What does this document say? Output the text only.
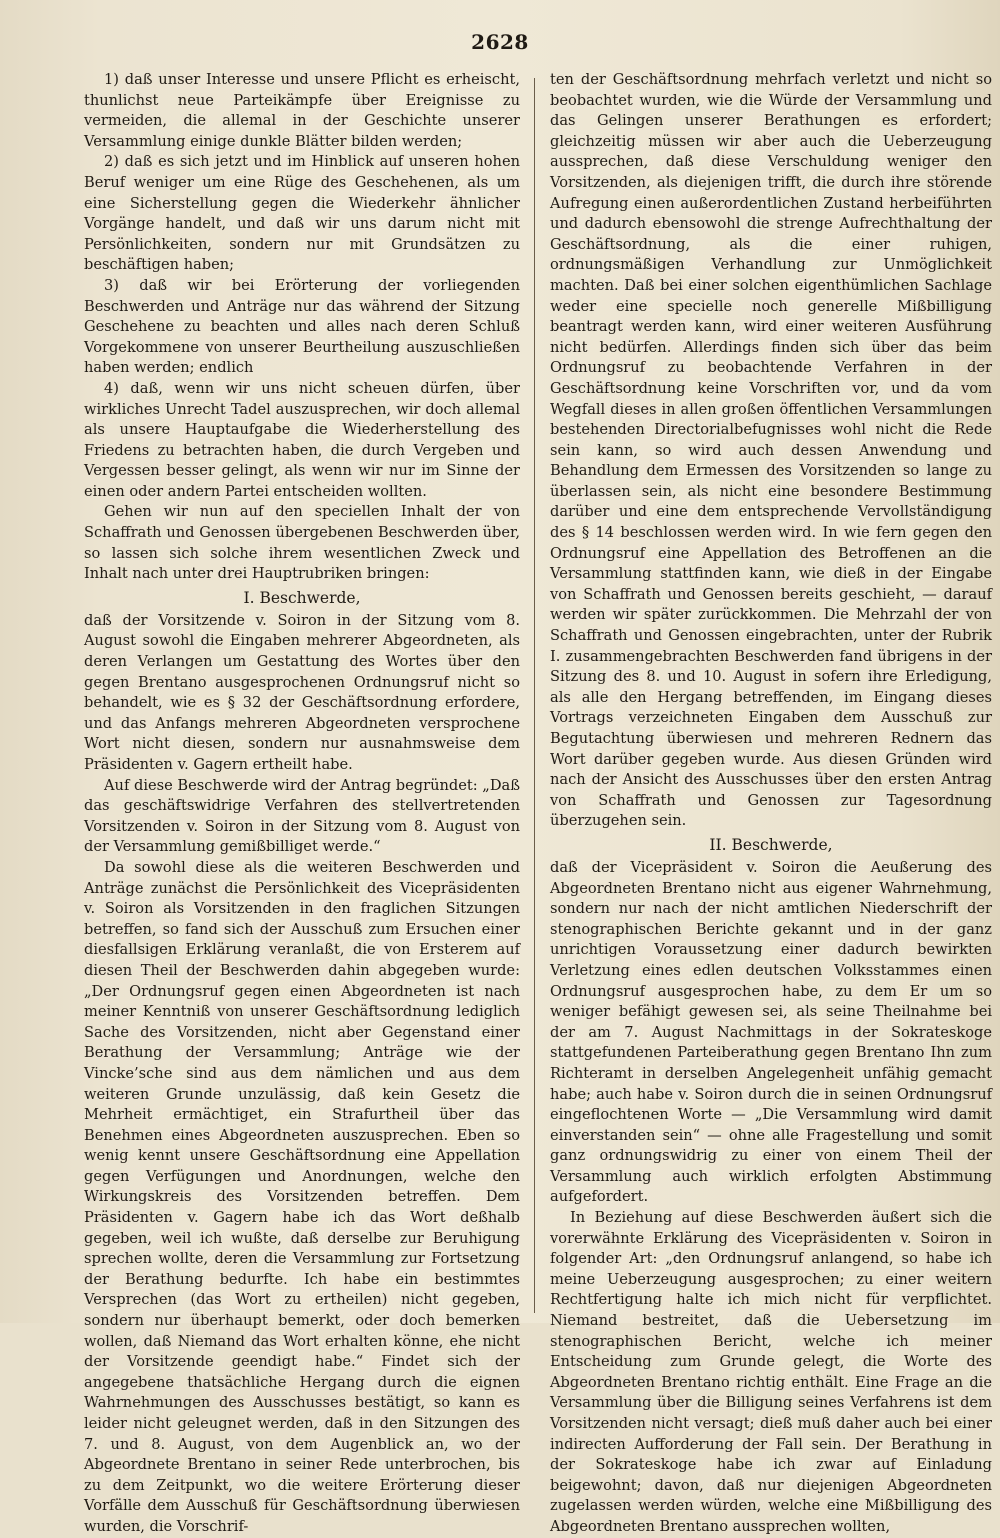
2628

1) daß unser Interesse und unsere Pflicht es erheischt, thunlichst neue Parteikämpfe über Ereignisse zu vermeiden, die allemal in der Geschichte unserer Versammlung einige dunkle Blätter bilden werden;

2) daß es sich jetzt und im Hinblick auf unseren hohen Beruf weniger um eine Rüge des Geschehenen, als um eine Sicherstellung gegen die Wiederkehr ähnlicher Vorgänge handelt, und daß wir uns darum nicht mit Persönlichkeiten, sondern nur mit Grundsätzen zu beschäftigen haben;

3) daß wir bei Erörterung der vorliegenden Beschwerden und Anträge nur das während der Sitzung Geschehene zu beachten und alles nach deren Schluß Vorgekommene von unserer Beurtheilung auszuschließen haben werden; endlich

4) daß, wenn wir uns nicht scheuen dürfen, über wirkliches Unrecht Tadel auszusprechen, wir doch allemal als unsere Hauptaufgabe die Wiederherstellung des Friedens zu betrachten haben, die durch Vergeben und Vergessen besser gelingt, als wenn wir nur im Sinne der einen oder andern Partei entscheiden wollten.

Gehen wir nun auf den speciellen Inhalt der von Schaffrath und Genossen übergebenen Beschwerden über, so lassen sich solche ihrem wesentlichen Zweck und Inhalt nach unter drei Hauptrubriken bringen:

I. Beschwerde,

daß der Vorsitzende v. Soiron in der Sitzung vom 8. August sowohl die Eingaben mehrerer Abgeordneten, als deren Verlangen um Gestattung des Wortes über den gegen Brentano ausgesprochenen Ordnungsruf nicht so behandelt, wie es § 32 der Geschäftsordnung erfordere, und das Anfangs mehreren Abgeordneten versprochene Wort nicht diesen, sondern nur ausnahmsweise dem Präsidenten v. Gagern ertheilt habe.

Auf diese Beschwerde wird der Antrag begründet: „Daß das geschäftswidrige Verfahren des stellvertretenden Vorsitzenden v. Soiron in der Sitzung vom 8. August von der Versammlung gemißbilliget werde.“

Da sowohl diese als die weiteren Beschwerden und Anträge zunächst die Persönlichkeit des Vicepräsidenten v. Soiron als Vorsitzenden in den fraglichen Sitzungen betreffen, so fand sich der Ausschuß zum Ersuchen einer diesfallsigen Erklärung veranlaßt, die von Ersterem auf diesen Theil der Beschwerden dahin abgegeben wurde: „Der Ordnungsruf gegen einen Abgeordneten ist nach meiner Kenntniß von unserer Geschäftsordnung lediglich Sache des Vorsitzenden, nicht aber Gegenstand einer Berathung der Versammlung; Anträge wie der Vincke’sche sind aus dem nämlichen und aus dem weiteren Grunde unzulässig, daß kein Gesetz die Mehrheit ermächtiget, ein Strafurtheil über das Benehmen eines Abgeordneten auszusprechen. Eben so wenig kennt unsere Geschäftsordnung eine Appellation gegen Verfügungen und Anordnungen, welche den Wirkungskreis des Vorsitzenden betreffen. Dem Präsidenten v. Gagern habe ich das Wort deßhalb gegeben, weil ich wußte, daß derselbe zur Beruhigung sprechen wollte, deren die Versammlung zur Fortsetzung der Berathung bedurfte. Ich habe ein bestimmtes Versprechen (das Wort zu ertheilen) nicht gegeben, sondern nur überhaupt bemerkt, oder doch bemerken wollen, daß Niemand das Wort erhalten könne, ehe nicht der Vorsitzende geendigt habe.“ Findet sich der angegebene thatsächliche Hergang durch die eignen Wahrnehmungen des Ausschusses bestätigt, so kann es leider nicht geleugnet werden, daß in den Sitzungen des 7. und 8. August, von dem Augenblick an, wo der Abgeordnete Brentano in seiner Rede unterbrochen, bis zu dem Zeitpunkt, wo die weitere Erörterung dieser Vorfälle dem Ausschuß für Geschäftsordnung überwiesen wurden, die Vorschrif-

ten der Geschäftsordnung mehrfach verletzt und nicht so beobachtet wurden, wie die Würde der Versammlung und das Gelingen unserer Berathungen es erfordert; gleichzeitig müssen wir aber auch die Ueberzeugung aussprechen, daß diese Verschuldung weniger den Vorsitzenden, als diejenigen trifft, die durch ihre störende Aufregung einen außerordentlichen Zustand herbeiführten und dadurch ebensowohl die strenge Aufrechthaltung der Geschäftsordnung, als die einer ruhigen, ordnungsmäßigen Verhandlung zur Unmöglichkeit machten. Daß bei einer solchen eigenthümlichen Sachlage weder eine specielle noch generelle Mißbilligung beantragt werden kann, wird einer weiteren Ausführung nicht bedürfen. Allerdings finden sich über das beim Ordnungsruf zu beobachtende Verfahren in der Geschäftsordnung keine Vorschriften vor, und da vom Wegfall dieses in allen großen öffentlichen Versammlungen bestehenden Directorialbefugnisses wohl nicht die Rede sein kann, so wird auch dessen Anwendung und Behandlung dem Ermessen des Vorsitzenden so lange zu überlassen sein, als nicht eine besondere Bestimmung darüber und eine dem entsprechende Vervollständigung des § 14 beschlossen werden wird. In wie fern gegen den Ordnungsruf eine Appellation des Betroffenen an die Versammlung stattfinden kann, wie dieß in der Eingabe von Schaffrath und Genossen bereits geschieht, — darauf werden wir später zurückkommen. Die Mehrzahl der von Schaffrath und Genossen eingebrachten, unter der Rubrik I. zusammengebrachten Beschwerden fand übrigens in der Sitzung des 8. und 10. August in sofern ihre Erledigung, als alle den Hergang betreffenden, im Eingang dieses Vortrags verzeichneten Eingaben dem Ausschuß zur Begutachtung überwiesen und mehreren Rednern das Wort darüber gegeben wurde. Aus diesen Gründen wird nach der Ansicht des Ausschusses über den ersten Antrag von Schaffrath und Genossen zur Tagesordnung überzugehen sein.

II. Beschwerde,

daß der Vicepräsident v. Soiron die Aeußerung des Abgeordneten Brentano nicht aus eigener Wahrnehmung, sondern nur nach der nicht amtlichen Niederschrift der stenographischen Berichte gekannt und in der ganz unrichtigen Voraussetzung einer dadurch bewirkten Verletzung eines edlen deutschen Volksstammes einen Ordnungsruf ausgesprochen habe, zu dem Er um so weniger befähigt gewesen sei, als seine Theilnahme bei der am 7. August Nachmittags in der Sokrateskoge stattgefundenen Parteiberathung gegen Brentano Ihn zum Richteramt in derselben Angelegenheit unfähig gemacht habe; auch habe v. Soiron durch die in seinen Ordnungsruf eingeflochtenen Worte — „Die Versammlung wird damit einverstanden sein“ — ohne alle Fragestellung und somit ganz ordnungswidrig zu einer von einem Theil der Versammlung auch wirklich erfolgten Abstimmung aufgefordert.

In Beziehung auf diese Beschwerden äußert sich die vorerwähnte Erklärung des Vicepräsidenten v. Soiron in folgender Art: „den Ordnungsruf anlangend, so habe ich meine Ueberzeugung ausgesprochen; zu einer weitern Rechtfertigung halte ich mich nicht für verpflichtet. Niemand bestreitet, daß die Uebersetzung im stenographischen Bericht, welche ich meiner Entscheidung zum Grunde gelegt, die Worte des Abgeordneten Brentano richtig enthält. Eine Frage an die Versammlung über die Billigung seines Verfahrens ist dem Vorsitzenden nicht versagt; dieß muß daher auch bei einer indirecten Aufforderung der Fall sein. Der Berathung in der Sokrateskoge habe ich zwar auf Einladung beigewohnt; davon, daß nur diejenigen Abgeordneten zugelassen werden würden, welche eine Mißbilligung des Abgeordneten Brentano aussprechen wollten,
